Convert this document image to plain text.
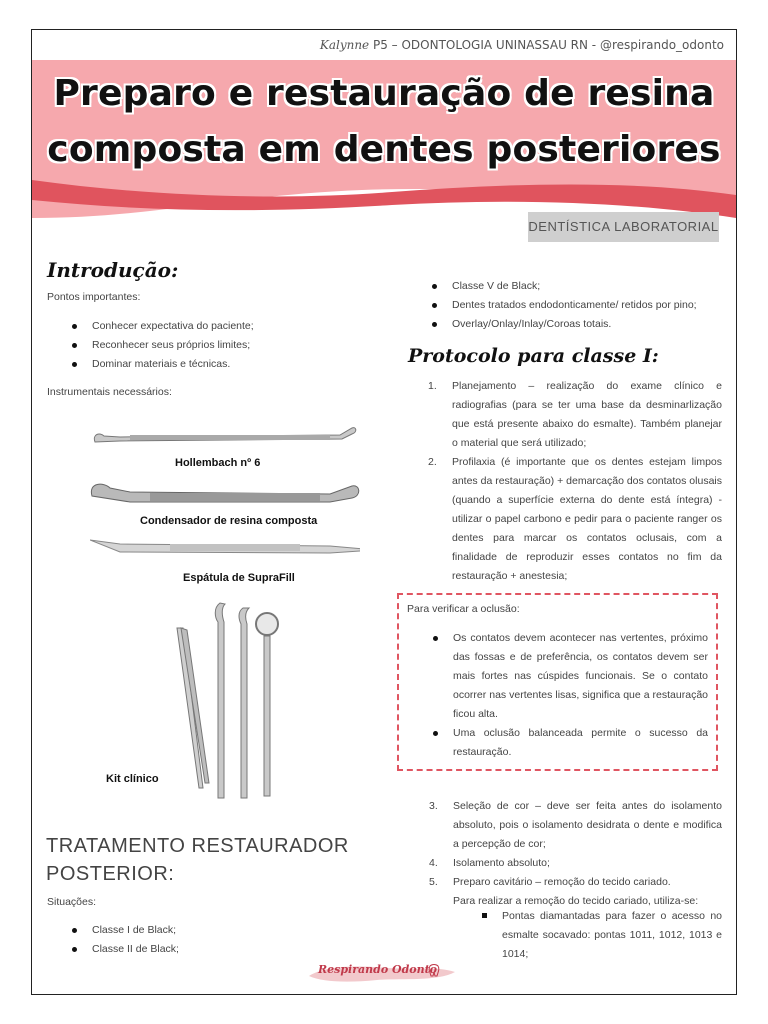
Kalynne P5 – ODONTOLOGIA UNINASSAU RN - @respirando_odonto
Preparo e restauração de resina
composta em dentes posteriores
DENTÍSTICA LABORATORIAL
Introdução:
Pontos importantes:
Conhecer expectativa do paciente;
Reconhecer seus próprios limites;
Dominar materiais e técnicas.
Instrumentais necessários:
Hollembach nº 6
Condensador de resina composta
Espátula de SupraFill
Kit clínico
TRATAMENTO RESTAURADOR
POSTERIOR:
Situações:
Classe I de Black;
Classe II de Black;
Classe V de Black;
Dentes tratados endodonticamente/ retidos por pino;
Overlay/Onlay/Inlay/Coroas totais.
Protocolo para classe I:
1. Planejamento – realização do exame clínico e radiografias (para se ter uma base da desminarlização que está presente abaixo do esmalte). Também planejar o material que será utilizado;
2. Profilaxia (é importante que os dentes estejam limpos antes da restauração) + demarcação dos contatos olusais (quando a superfície externa do dente está íntegra) - utilizar o papel carbono e pedir para o paciente ranger os dentes para marcar os contatos oclusais, com a finalidade de reproduzir esses contatos no fim da restauração + anestesia;
Para verificar a oclusão:
Os contatos devem acontecer nas vertentes, próximo das fossas e de preferência, os contatos devem ser mais fortes nas cúspides funcionais. Se o contato ocorrer nas vertentes lisas, significa que a restauração ficou alta.
Uma oclusão balanceada permite o sucesso da restauração.
3. Seleção de cor – deve ser feita antes do isolamento absoluto, pois o isolamento desidrata o dente e modifica a percepção de cor;
4. Isolamento absoluto;
5. Preparo cavitário – remoção do tecido cariado.
Para realizar a remoção do tecido cariado, utiliza-se:
Pontas diamantadas para fazer o acesso no esmalte socavado: pontas 1011, 1012, 1013 e 1014;
Respirando Odonto
